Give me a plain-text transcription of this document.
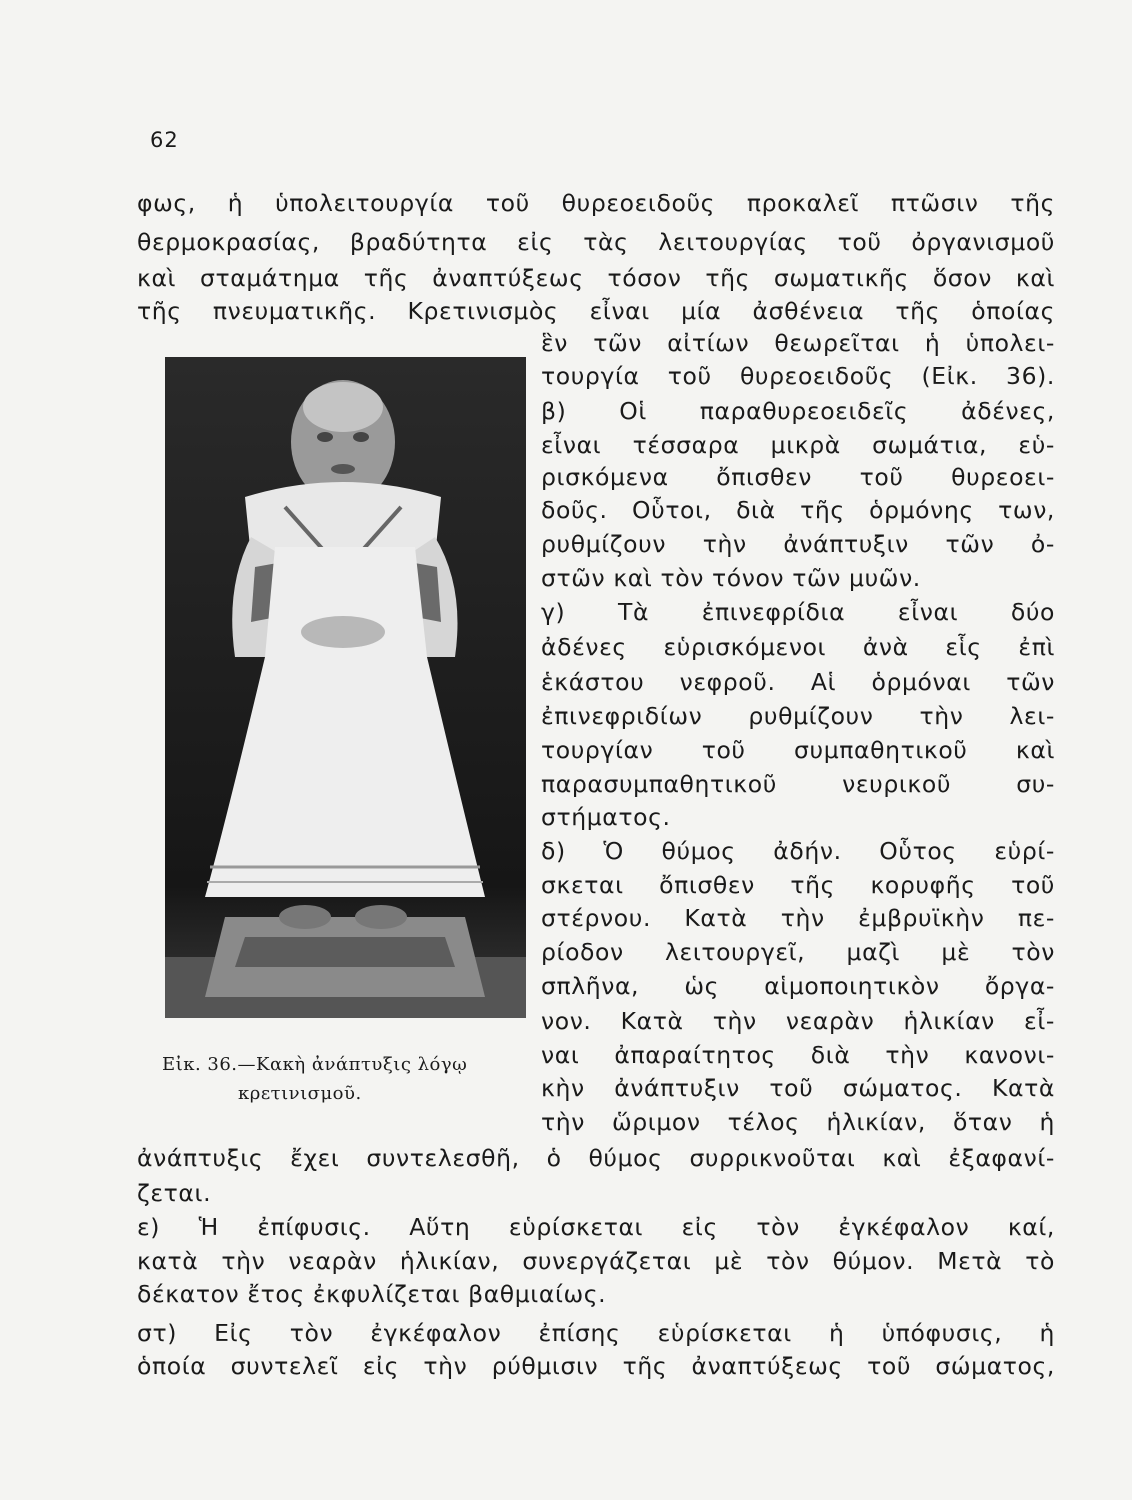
62
φως, ἡ ὑπολειτουργία τοῦ θυρεοειδοῦς προκαλεῖ πτῶσιν τῆς
θερμοκρασίας, βραδύτητα εἰς τὰς λειτουργίας τοῦ ὀργανισμοῦ
καὶ σταμάτημα τῆς ἀναπτύξεως τόσον τῆς σωματικῆς ὅσον καὶ
τῆς πνευματικῆς. Κρετινισμὸς εἶναι μία ἀσθένεια τῆς ὁποίας
ἓν τῶν αἰτίων θεωρεῖται ἡ ὑπολει-
τουργία τοῦ θυρεοειδοῦς (Εἰκ. 36).
β) Οἱ παραθυρεοειδεῖς ἀδένες,
εἶναι τέσσαρα μικρὰ σωμάτια, εὑ-
ρισκόμενα ὄπισθεν τοῦ θυρεοει-
δοῦς. Οὗτοι, διὰ τῆς ὁρμόνης των,
ρυθμίζουν τὴν ἀνάπτυξιν τῶν ὀ-
στῶν καὶ τὸν τόνον τῶν μυῶν.
γ) Τὰ ἐπινεφρίδια εἶναι δύο
ἀδένες εὑρισκόμενοι ἀνὰ εἷς ἐπὶ
ἑκάστου νεφροῦ. Αἱ ὁρμόναι τῶν
ἐπινεφριδίων ρυθμίζουν τὴν λει-
τουργίαν τοῦ συμπαθητικοῦ καὶ
παρασυμπαθητικοῦ νευρικοῦ συ-
στήματος.
δ) Ὁ θύμος ἀδήν. Οὗτος εὑρί-
σκεται ὄπισθεν τῆς κορυφῆς τοῦ
στέρνου. Κατὰ τὴν ἐμβρυϊκὴν πε-
ρίοδον λειτουργεῖ, μαζὶ μὲ τὸν
σπλῆνα, ὡς αἱμοποιητικὸν ὄργα-
νον. Κατὰ τὴν νεαρὰν ἡλικίαν εἶ-
ναι ἀπαραίτητος διὰ τὴν κανονι-
κὴν ἀνάπτυξιν τοῦ σώματος. Κατὰ
τὴν ὥριμον τέλος ἡλικίαν, ὅταν ἡ
ἀνάπτυξις ἔχει συντελεσθῆ, ὁ θύμος συρρικνοῦται καὶ ἐξαφανί-
ζεται.
ε) Ἡ ἐπίφυσις. Αὕτη εὑρίσκεται εἰς τὸν ἐγκέφαλον καί,
κατὰ τὴν νεαρὰν ἡλικίαν, συνεργάζεται μὲ τὸν θύμον. Μετὰ τὸ
δέκατον ἔτος ἐκφυλίζεται βαθμιαίως.
στ) Εἰς τὸν ἐγκέφαλον ἐπίσης εὑρίσκεται ἡ ὑπόφυσις, ἡ
ὁποία συντελεῖ εἰς τὴν ρύθμισιν τῆς ἀναπτύξεως τοῦ σώματος,
Εἰκ. 36.—Κακὴ ἀνάπτυξις λόγῳ
κρετινισμοῦ.
